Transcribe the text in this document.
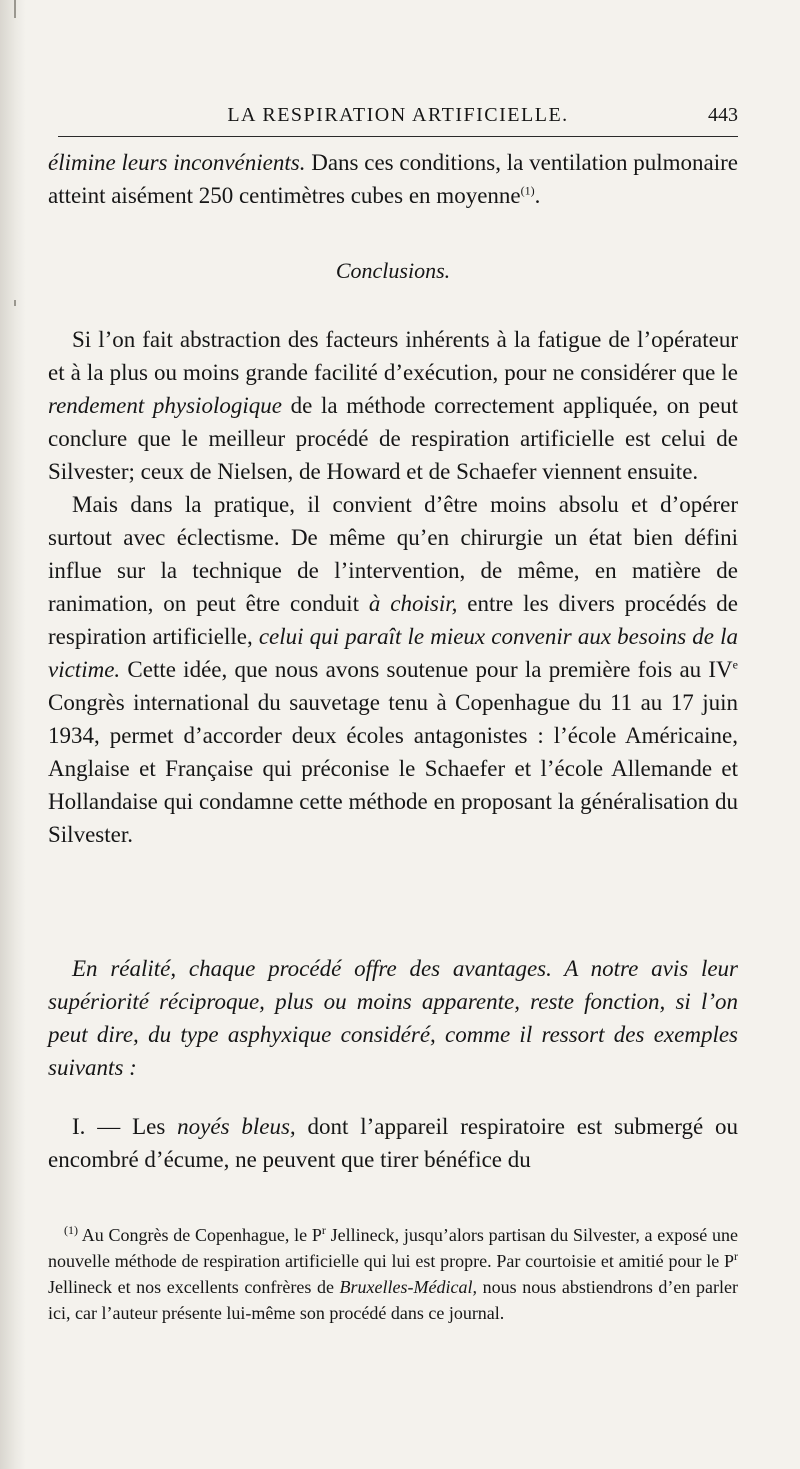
LA RESPIRATION ARTIFICIELLE.	443

élimine leurs inconvénients. Dans ces conditions, la ventilation pulmonaire atteint aisément 250 centimètres cubes en moyenne$^{(1)}$.

Conclusions.

Si l’on fait abstraction des facteurs inhérents à la fatigue de l’opérateur et à la plus ou moins grande facilité d’exécution, pour ne considérer que le rendement physiologique de la méthode correctement appliquée, on peut conclure que le meilleur procédé de respiration artificielle est celui de Silvester; ceux de Nielsen, de Howard et de Schaefer viennent ensuite.

Mais dans la pratique, il convient d’être moins absolu et d’opérer surtout avec éclectisme. De même qu’en chirurgie un état bien défini influe sur la technique de l’intervention, de même, en matière de ranimation, on peut être conduit à choisir, entre les divers procédés de respiration artificielle, celui qui paraît le mieux convenir aux besoins de la victime. Cette idée, que nous avons soutenue pour la première fois au IVe Congrès international du sauvetage tenu à Copenhague du 11 au 17 juin 1934, permet d’accorder deux écoles antagonistes : l’école Américaine, Anglaise et Française qui préconise le Schaefer et l’école Allemande et Hollandaise qui condamne cette méthode en proposant la généralisation du Silvester.

En réalité, chaque procédé offre des avantages. A notre avis leur supériorité réciproque, plus ou moins apparente, reste fonction, si l’on peut dire, du type asphyxique considéré, comme il ressort des exemples suivants :

I. — Les noyés bleus, dont l’appareil respiratoire est submergé ou encombré d’écume, ne peuvent que tirer bénéfice du

$^{(1)}$ Au Congrès de Copenhague, le $P^r$ Jellineck, jusqu’alors partisan du Silvester, a exposé une nouvelle méthode de respiration artificielle qui lui est propre. Par courtoisie et amitié pour le $P^r$ Jellineck et nos excellents confrères de Bruxelles-Médical, nous nous abstiendrons d’en parler ici, car l’auteur présente lui-même son procédé dans ce journal.
